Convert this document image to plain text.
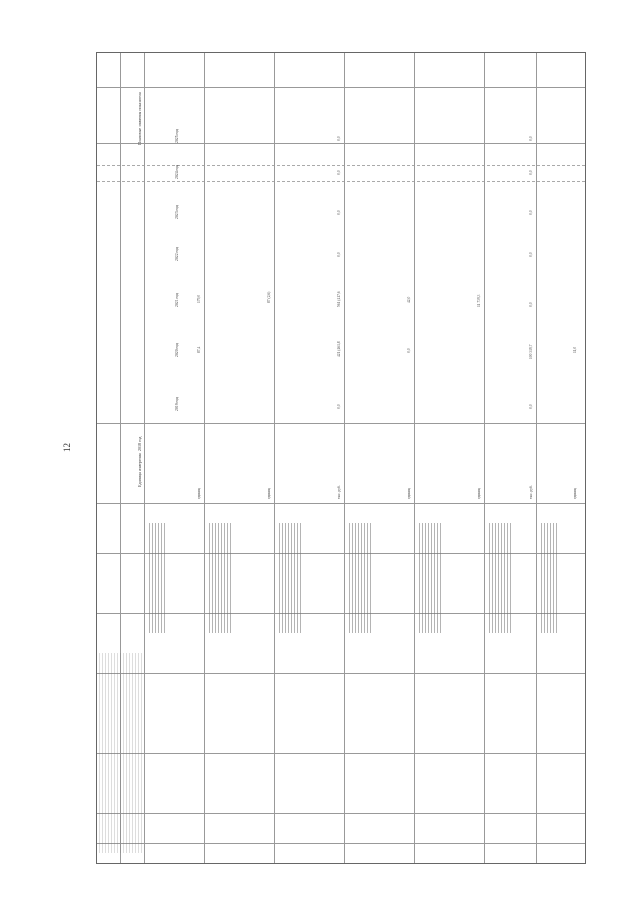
12
Плановые значения показателя
Единица измерения
2018 год
2019 год
2020 год
2021 год
2022 год
2023 год
2024 год
2025 год
единиц
87,4
179,0
единиц
87 (2,6)
тыс. руб.
0,0
421 (461,8
561 (417,6
0,0
0,0
0,0
0,0
единиц
0,0
42,0
единиц
11 739,3
тыс. руб.
0,0
100 319,7
0,0
0,0
0,0
0,0
0,0
единиц
11,0
